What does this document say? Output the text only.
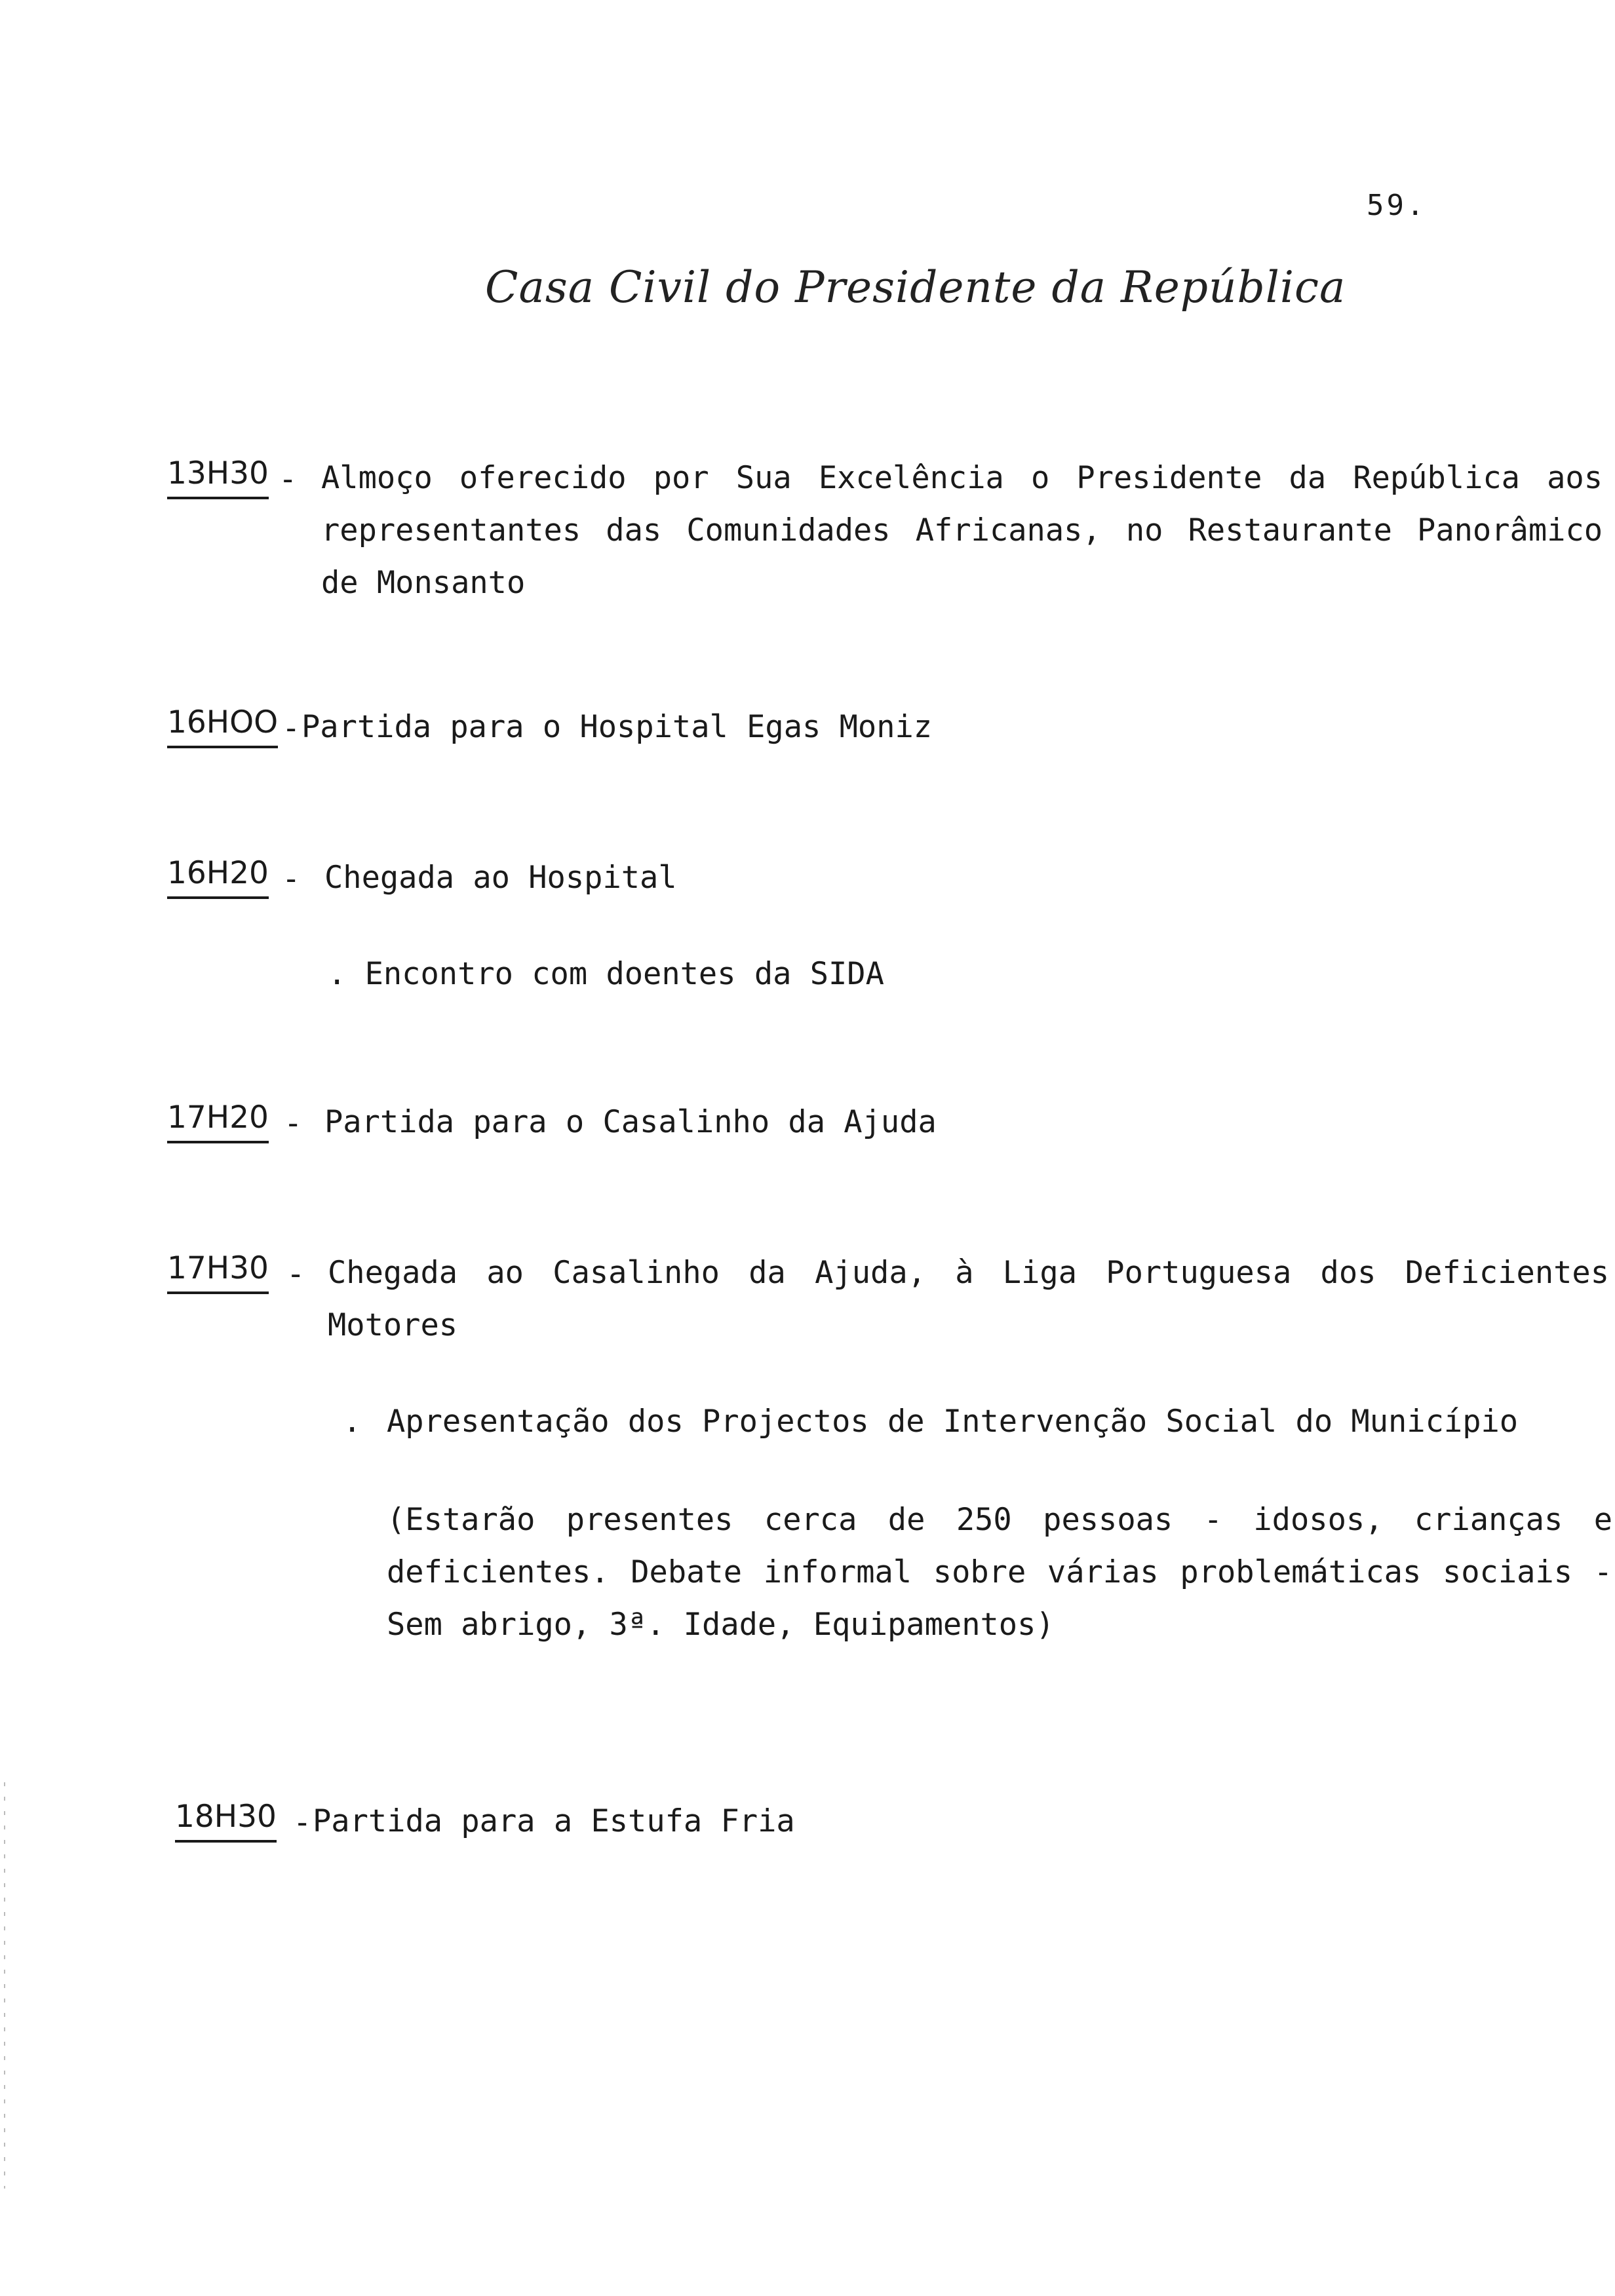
59.
Casa Civil do Presidente da República
13H30 - Almoço oferecido por Sua Excelência o Presidente da República aos representantes das Comunidades Africanas, no Restaurante Panorâmico de Monsanto
16HOO - Partida para o Hospital Egas Moniz
16H20 - Chegada ao Hospital
. Encontro com doentes da SIDA
17H20 - Partida para o Casalinho da Ajuda
17H30 - Chegada ao Casalinho da Ajuda, à Liga Portuguesa dos Deficientes Motores
. Apresentação dos Projectos de Intervenção Social do Município
(Estarão presentes cerca de 250 pessoas - idosos, crianças e deficientes. Debate informal sobre várias problemáticas sociais - Sem abrigo, 3ª. Idade, Equipamentos)
18H30 - Partida para a Estufa Fria
